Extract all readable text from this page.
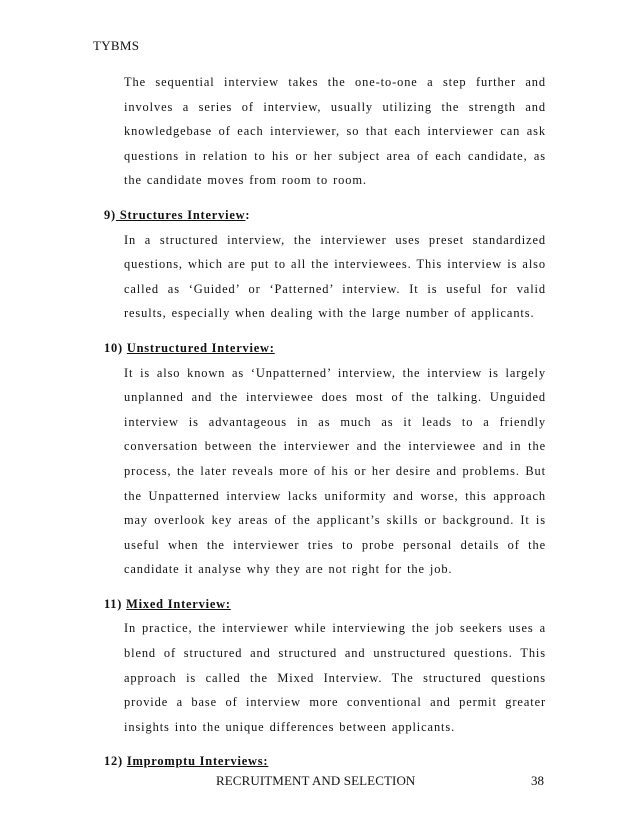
TYBMS

The sequential interview takes the one-to-one a step further and involves a series of interview, usually utilizing the strength and knowledgebase of each interviewer, so that each interviewer can ask questions in relation to his or her subject area of each candidate, as the candidate moves from room to room.

9) Structures Interview:

In a structured interview, the interviewer uses preset standardized questions, which are put to all the interviewees. This interview is also called as ‘Guided’ or ‘Patterned’ interview. It is useful for valid results, especially when dealing with the large number of applicants.

10) Unstructured Interview:

It is also known as ‘Unpatterned’ interview, the interview is largely unplanned and the interviewee does most of the talking. Unguided interview is advantageous in as much as it leads to a friendly conversation between the interviewer and the interviewee and in the process, the later reveals more of his or her desire and problems. But the Unpatterned interview lacks uniformity and worse, this approach may overlook key areas of the applicant’s skills or background. It is useful when the interviewer tries to probe personal details of the candidate it analyse why they are not right for the job.

11) Mixed Interview:

In practice, the interviewer while interviewing the job seekers uses a blend of structured and structured and unstructured questions. This approach is called the Mixed Interview. The structured questions provide a base of interview more conventional and permit greater insights into the unique differences between applicants.

12) Impromptu Interviews:
RECRUITMENT AND SELECTION	38
